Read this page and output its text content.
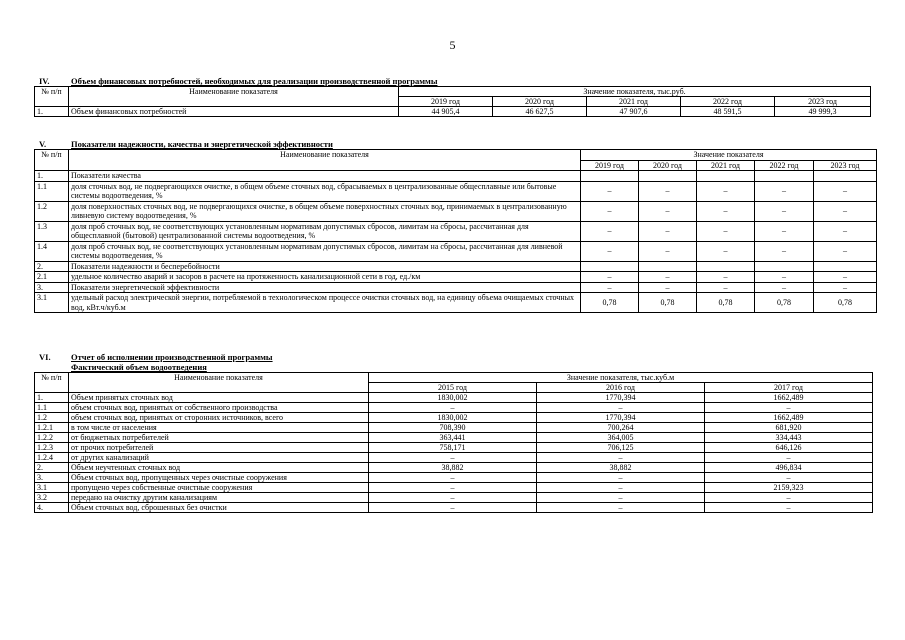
5
IV.	Объем финансовых потребностей, необходимых для реализации производственной программы
№ п/п	Наименование показателя	Значение показателя, тыс.руб.				
		2019 год	2020 год	2021 год	2022 год	2023 год
1.	Объем финансовых потребностей	44 905,4	46 627,5	47 907,6	48 591,5	49 999,3
V.	Показатели надежности, качества и энергетической эффективности
№ п/п	Наименование показателя	Значение показателя				
		2019 год	2020 год	2021 год	2022 год	2023 год
1.	Показатели качества					
1.1	доля сточных вод, не подвергающихся очистке, в общем объеме сточных вод, сбрасываемых в централизованные общесплавные или бытовые системы водоотведения, %	–	–	–	–	–
1.2	доля поверхностных сточных вод, не подвергающихся очистке, в общем объеме поверхностных сточных вод, принимаемых в централизованную ливневую систему водоотведения, %	–	–	–	–	–
1.3	доля проб сточных вод, не соответствующих установленным нормативам допустимых сбросов, лимитам на сбросы, рассчитанная для общесплавной (бытовой) централизованной системы водоотведения, %	–	–	–	–	–
1.4	доля проб сточных вод, не соответствующих установленным нормативам допустимых сбросов, лимитам на сбросы, рассчитанная для ливневой системы водоотведения, %	–	–	–	–	–
2.	Показатели надежности и бесперебойности					
2.1	удельное количество аварий и засоров в расчете на протяженность канализационной сети в год, ед./км	–	–	–	–	–
3.	Показатели энергетической эффективности	–	–	–	–	–
3.1	удельный расход электрической энергии, потребляемой в технологическом процессе очистки сточных вод, на единицу объема очищаемых сточных вод, кВт.ч/куб.м	0,78	0,78	0,78	0,78	0,78
VI.	Отчет об исполнении производственной программы
Фактический объем водоотведения
№ п/п	Наименование показателя	Значение показателя, тыс.куб.м		
		2015 год	2016 год	2017 год
1.	Объем принятых сточных вод	1830,002	1770,394	1662,489
1.1	объем сточных вод, принятых от собственного производства	–	–	–
1.2	объем сточных вод, принятых от сторонних источников, всего	1830,002	1770,394	1662,489
1.2.1	в том числе от населения	708,390	700,264	681,920
1.2.2	от бюджетных потребителей	363,441	364,005	334,443
1.2.3	от прочих потребителей	758,171	706,125	646,126
1.2.4	от других канализаций	–	–	–
2.	Объем неучтенных сточных вод	38,882	38,882	496,834
3.	Объем сточных вод, пропущенных через очистные сооружения	–	–	–
3.1	пропущено через собственные очистные сооружения	–	–	2159,323
3.2	передано на очистку другим канализациям	–	–	–
4.	Объем сточных вод, сброшенных без очистки	–	–	–
